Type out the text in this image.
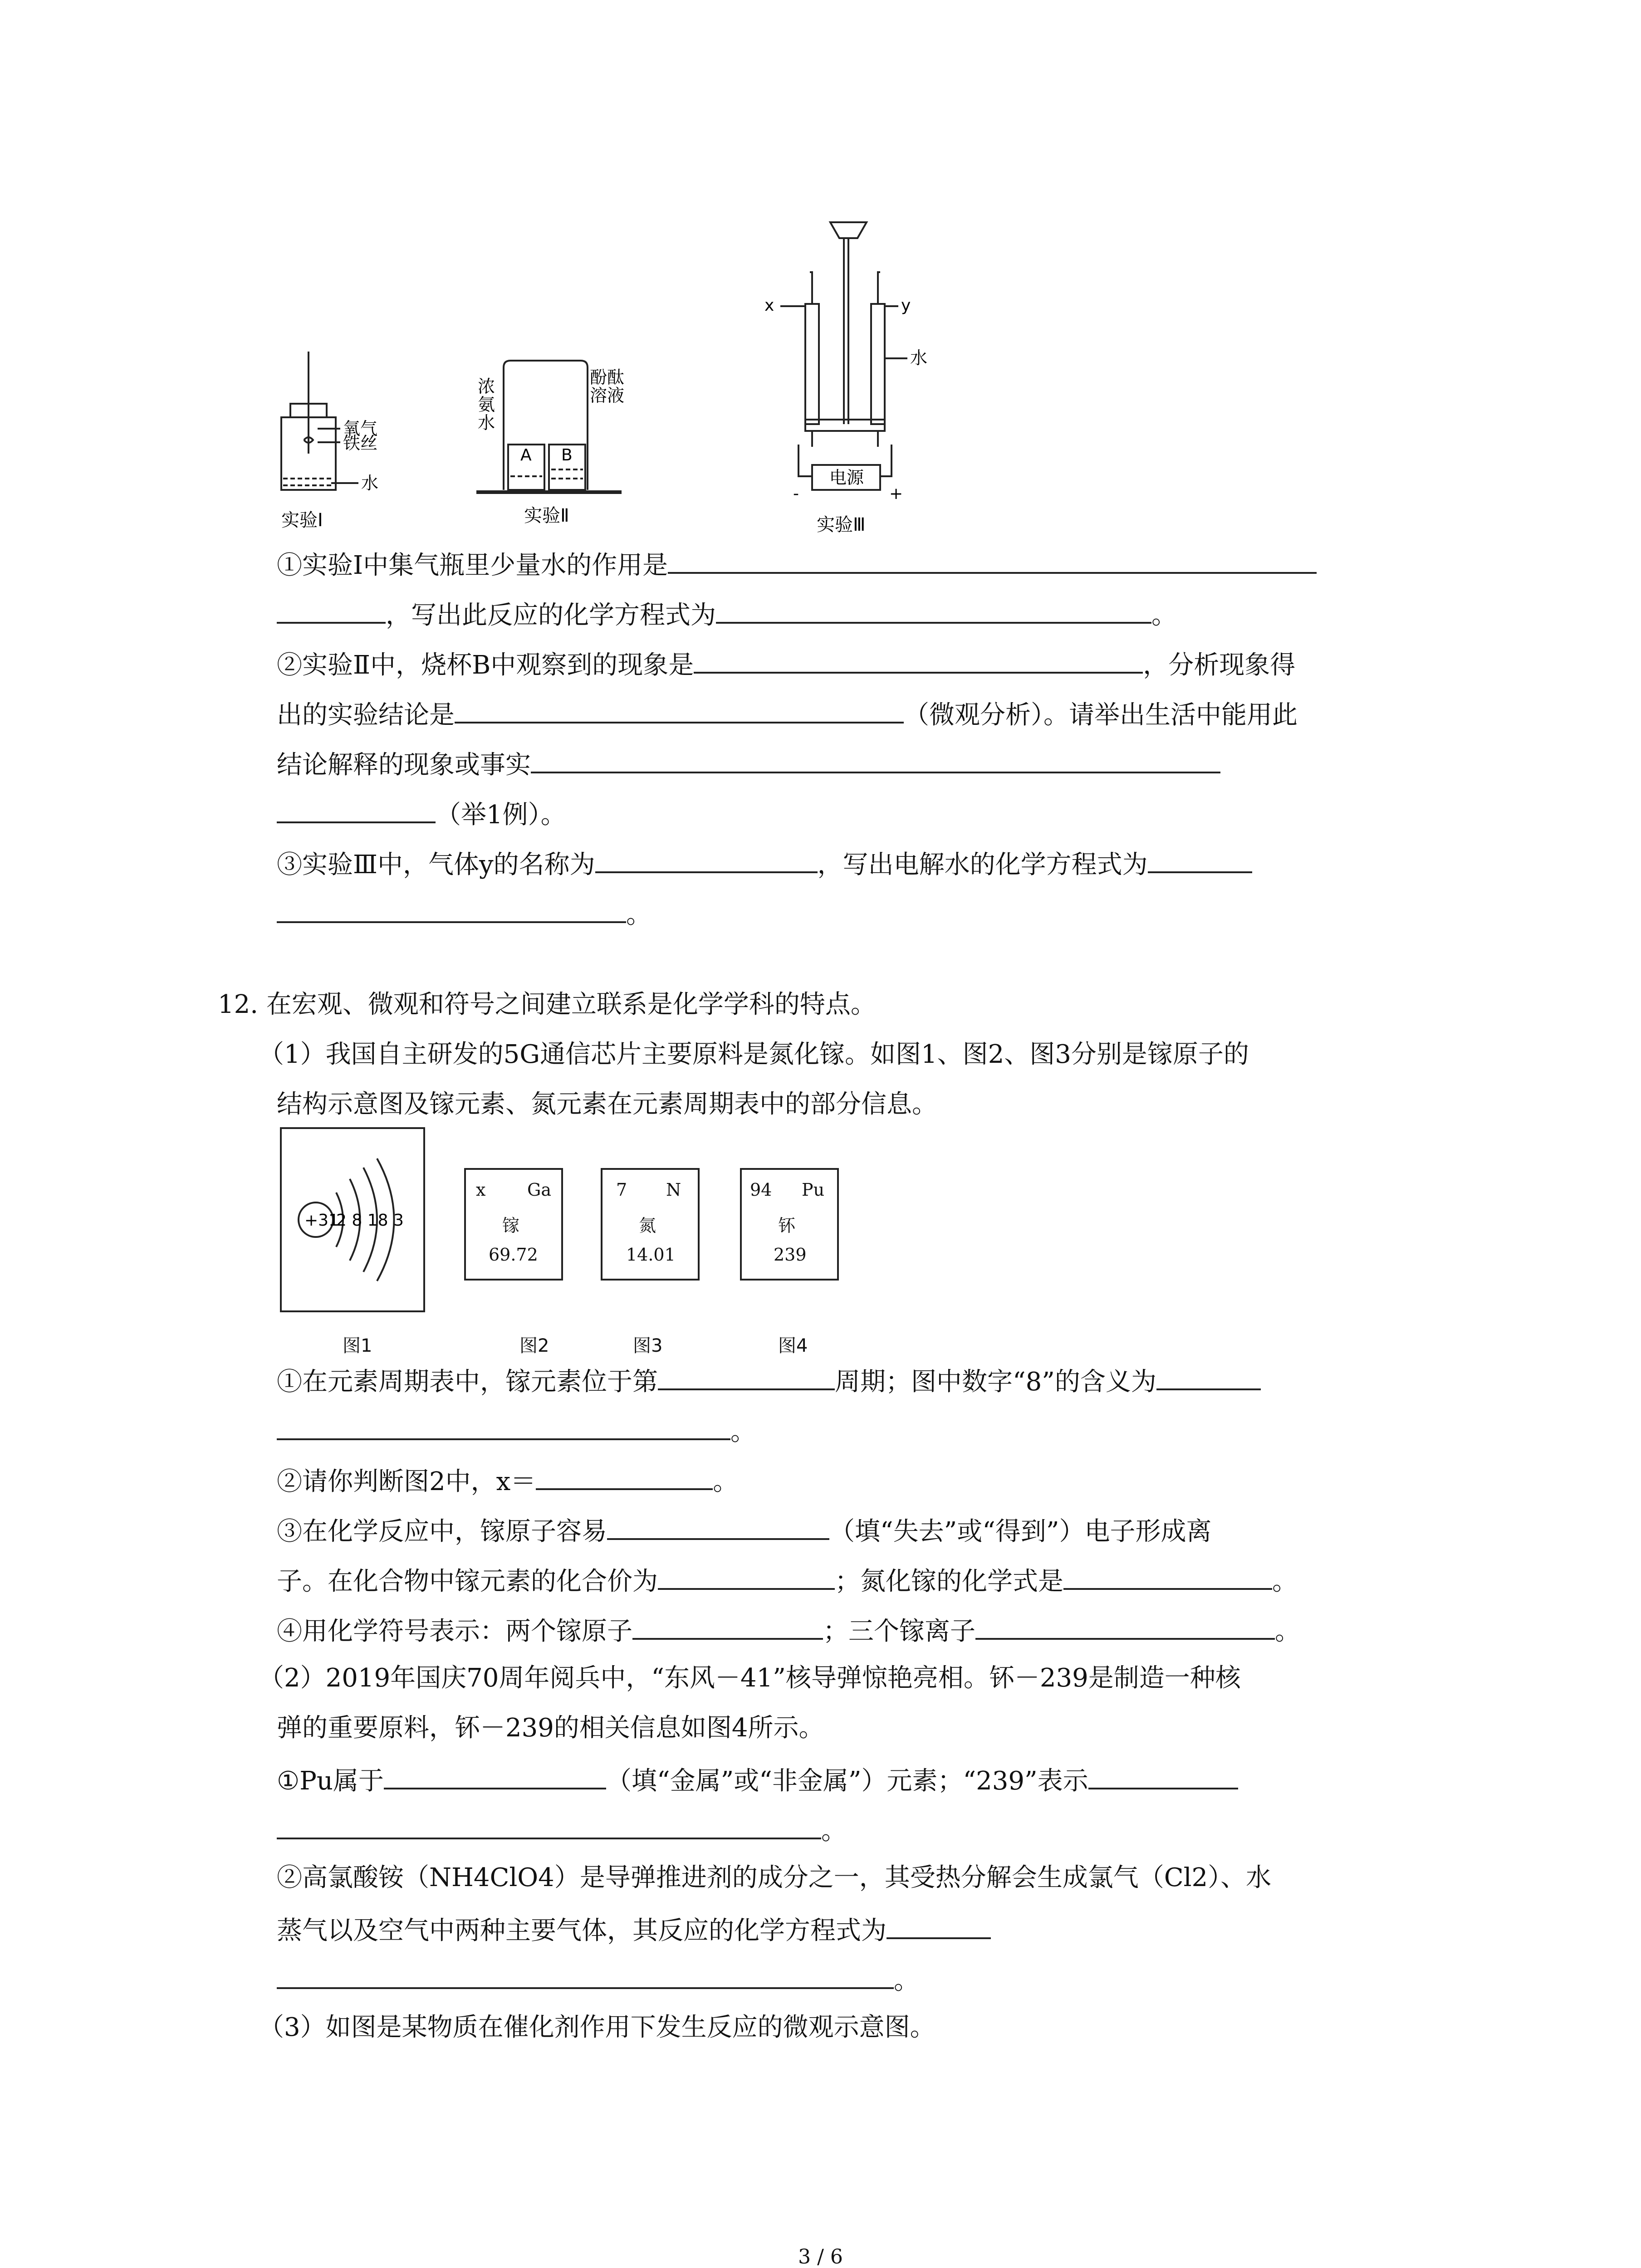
氧气
铁丝
水
实验Ⅰ
浓
氨
水
酚酞
溶液
A B
实验Ⅱ
x	y
水
电源
-	+
实验Ⅲ
①实验Ⅰ中集气瓶里少量水的作用是
，写出此反应的化学方程式为	。
②实验Ⅱ中，烧杯B中观察到的现象是	，分析现象得
出的实验结论是	（微观分析）。请举出生活中能用此
结论解释的现象或事实
（举1例）。
③实验Ⅲ中，气体y的名称为	，写出电解水的化学方程式为
。
12. 在宏观、微观和符号之间建立联系是化学学科的特点。
（1）我国自主研发的5G通信芯片主要原料是氮化镓。如图1、图2、图3分别是镓原子的
结构示意图及镓元素、氮元素在元素周期表中的部分信息。
+31
2 8 18 3
x Ga
镓
69.72
7 N
氮
14.01
94 Pu
钚
239
图1	图2	图3	图4
①在元素周期表中，镓元素位于第	周期；图中数字“8”的含义为
。
②请你判断图2中，x＝	。
③在化学反应中，镓原子容易	（填“失去”或“得到”）电子形成离
子。在化合物中镓元素的化合价为	；氮化镓的化学式是	。
④用化学符号表示：两个镓原子	；三个镓离子	。
（2）2019年国庆70周年阅兵中，“东风－41”核导弹惊艳亮相。钚－239是制造一种核
弹的重要原料，钚－239的相关信息如图4所示。
①Pu属于	（填“金属”或“非金属”）元素；“239”表示
。
②高氯酸铵（NH4ClO4）是导弹推进剂的成分之一，其受热分解会生成氯气（Cl2）、水
蒸气以及空气中两种主要气体，其反应的化学方程式为
。
（3）如图是某物质在催化剂作用下发生反应的微观示意图。
3 / 6
